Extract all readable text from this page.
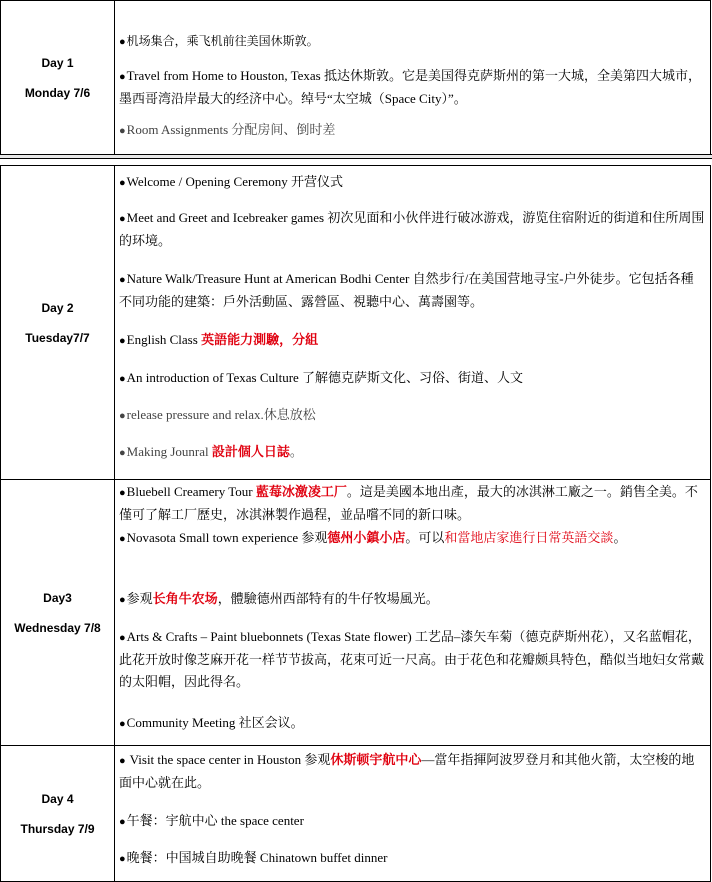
Day 1
Monday 7/6
●机场集合，乘飞机前往美国休斯敦。
●Travel from Home to Houston, Texas 抵达休斯敦。它是美国得克萨斯州的第一大城，全美第四大城市，墨西哥湾沿岸最大的经济中心。绰号“太空城（Space City）”。
●Room Assignments 分配房间、倒时差
Day 2
Tuesday7/7
●Welcome / Opening Ceremony 开营仪式
●Meet and Greet and Icebreaker games 初次见面和小伙伴进行破冰游戏，游览住宿附近的街道和住所周围的环境。
●Nature Walk/Treasure Hunt at American Bodhi Center 自然步行/在美国营地寻宝-户外徒步。它包括各種不同功能的建築：戶外活動區、露營區、視聽中心、萬壽園等。
●English Class 英語能力測驗，分組
●An introduction of Texas Culture 了解德克萨斯文化、习俗、街道、人文
●release pressure and relax.休息放松
●Making Jounral 設計個人日誌。
Day3
Wednesday 7/8
●Bluebell Creamery Tour 藍莓冰激凌工厂。這是美國本地出產，最大的冰淇淋工廠之一。銷售全美。不僅可了解工厂歷史，冰淇淋製作過程，並品嚐不同的新口味。
●Novasota Small town experience 参观德州小鎮小店。可以和當地店家進行日常英語交談。
●参观长角牛农场，體驗德州西部特有的牛仔牧場風光。
●Arts & Crafts – Paint bluebonnets (Texas State flower) 工艺品–漆矢车菊（德克萨斯州花），又名蓝帽花，此花开放时像芝麻开花一样节节拔高，花束可近一尺高。由于花色和花瓣颇具特色，酷似当地妇女常戴的太阳帽，因此得名。
●Community Meeting 社区会议。
Day 4
Thursday 7/9
● Visit the space center in Houston 参观休斯顿宇航中心—當年指揮阿波罗登月和其他火箭，太空梭的地面中心就在此。
●午餐：宇航中心 the space center
●晚餐：中国城自助晚餐 Chinatown buffet dinner
